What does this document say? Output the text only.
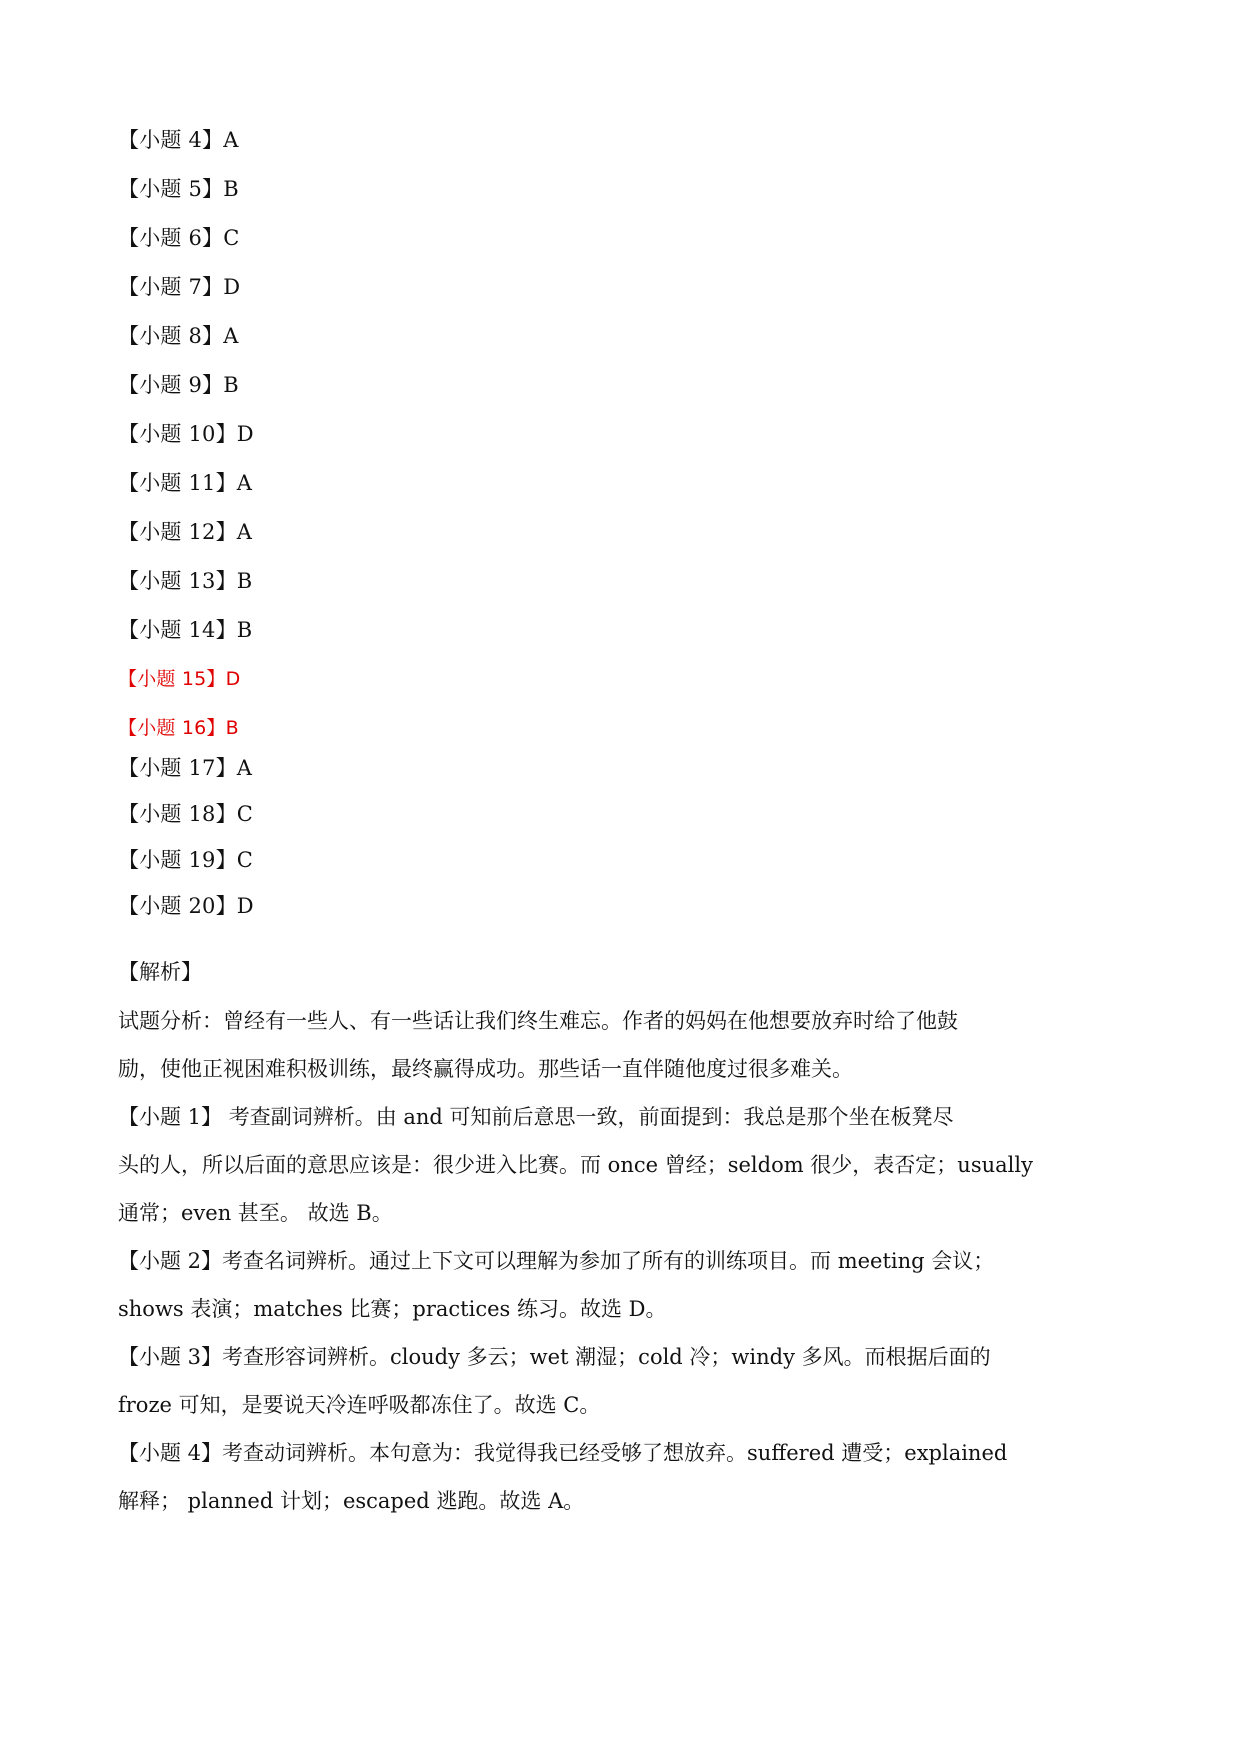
【小题 4】A
【小题 5】B
【小题 6】C
【小题 7】D
【小题 8】A
【小题 9】B
【小题 10】D
【小题 11】A
【小题 12】A
【小题 13】B
【小题 14】B
【小题 15】D
【小题 16】B
【小题 17】A
【小题 18】C
【小题 19】C
【小题 20】D
【解析】
试题分析：曾经有一些人、有一些话让我们终生难忘。作者的妈妈在他想要放弃时给了他鼓
励，使他正视困难积极训练，最终赢得成功。那些话一直伴随他度过很多难关。
【小题 1】 考查副词辨析。由 and 可知前后意思一致，前面提到：我总是那个坐在板凳尽
头的人，所以后面的意思应该是：很少进入比赛。而 once 曾经；seldom 很少，表否定；usually
通常；even 甚至。 故选 B。
【小题 2】考查名词辨析。通过上下文可以理解为参加了所有的训练项目。而 meeting 会议；
shows 表演；matches 比赛；practices 练习。故选 D。
【小题 3】考查形容词辨析。cloudy 多云；wet 潮湿；cold 冷；windy 多风。而根据后面的
froze 可知，是要说天冷连呼吸都冻住了。故选 C。
【小题 4】考查动词辨析。本句意为：我觉得我已经受够了想放弃。suffered 遭受；explained
解释； planned 计划；escaped 逃跑。故选 A。
